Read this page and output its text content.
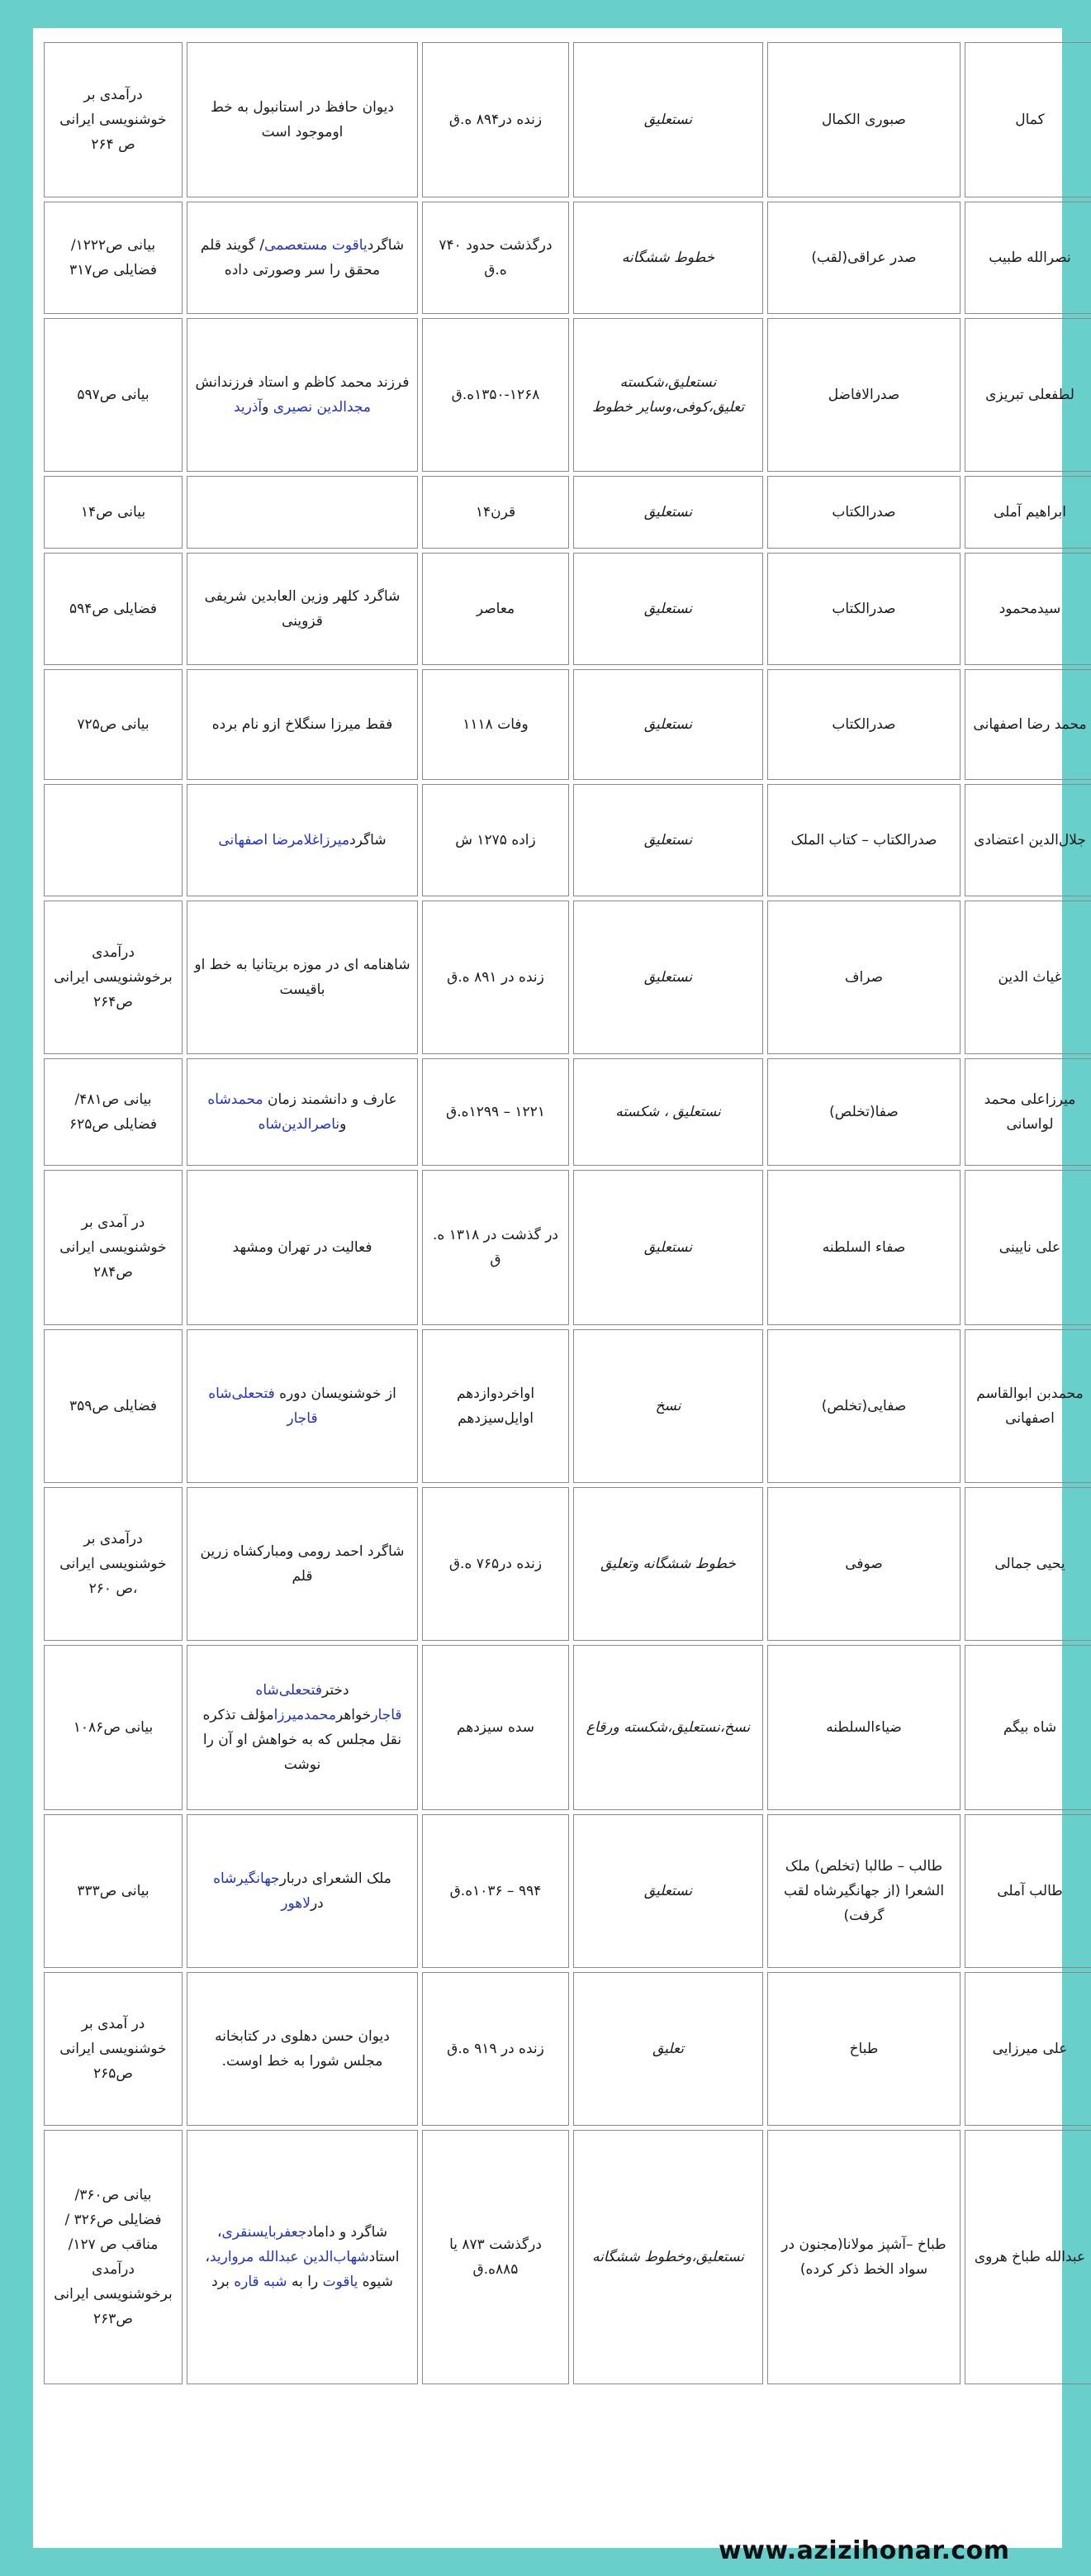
کمال	صبوری الکمال	نستعلیق	زنده در۸۹۴ ه.ق	دیوان حافظ در استانبول به خط اوموجود است	درآمدی بر خوشنویسی ایرانی ص ۲۶۴
نصرالله طبیب	صدر عراقی(لقب)	خطوط ششگانه	درگذشت حدود ۷۴۰ ه.ق	شاگردیاقوت مستعصمی/ گویند قلم محقق را سر وصورتی داده	بیانی ص۱۲۲۲/ فضایلی ص۳۱۷
لطفعلی تبریزی	صدرالافاضل	نستعلیق،شکسته تعلیق،کوفی،وسایر خطوط	۱۳۵۰-۱۲۶۸ه.ق	فرزند محمد کاظم و استاد فرزندانش مجدالدین نصیری وآذرید	بیانی ص۵۹۷
ابراهیم آملی	صدرالکتاب	نستعلیق	قرن۱۴		بیانی ص۱۴
سیدمحمود	صدرالکتاب	نستعلیق	معاصر	شاگرد کلهر وزین العابدین شریفی قزوینی	فضایلی ص۵۹۴
محمد رضا اصفهانی	صدرالکتاب	نستعلیق	وفات ۱۱۱۸	فقط میرزا سنگلاخ ازو نام برده	بیانی ص۷۲۵
جلال‌الدین اعتضادی	صدرالکتاب – کتاب الملک	نستعلیق	زاده ۱۲۷۵ ش	شاگردمیرزاغلامرضا اصفهانی	
غیاث الدین	صراف	نستعلیق	زنده در ۸۹۱ ه.ق	شاهنامه ای در موزه بریتانیا به خط او باقیست	درآمدی برخوشنویسی ایرانی ص۲۶۴
میرزاعلی محمد لواسانی	صفا(تخلص)	نستعلیق ، شکسته	۱۲۲۱ – ۱۲۹۹ه.ق	عارف و دانشمند زمان محمدشاه وناصرالدین‌شاه	بیانی ص۴۸۱/ فضایلی ص۶۲۵
علی نایینی	صفاء السلطنه	نستعلیق	در گذشت در ۱۳۱۸ ه. ق	فعالیت در تهران ومشهد	در آمدی بر خوشنویسی ایرانی ص۲۸۴
محمدبن ابوالقاسم اصفهانی	صفایی(تخلص)	نسخ	اواخردوازدهم اوایل‌سیزدهم	از خوشنویسان دوره فتحعلی‌شاه قاجار	فضایلی ص۳۵۹
یحیی جمالی	صوفی	خطوط ششگانه وتعلیق	زنده در۷۶۵ ه.ق	شاگرد احمد رومی ومبارکشاه زرین قلم	درآمدی بر خوشنویسی ایرانی ،ص ۲۶۰
شاه بیگم	ضیاءالسلطنه	نسخ،نستعلیق،شکسته ورقاع	سده سیزدهم	دخترفتحعلی‌شاه قاجارخواهرمحمدمیرزامؤلف تذکره نقل مجلس که به خواهش او آن را نوشت	بیانی ص۱۰۸۶
طالب آملی	طالب – طالبا (تخلص) ملک الشعرا (از جهانگیرشاه لقب گرفت)	نستعلیق	۹۹۴ – ۱۰۳۶ه.ق	ملک الشعرای دربارجهانگیرشاه درلاهور	بیانی ص۳۳۳
علی میرزایی	طباخ	تعلیق	زنده در ۹۱۹ ه.ق	دیوان حسن دهلوی در کتابخانه مجلس شورا به خط اوست.	در آمدی بر خوشنویسی ایرانی ص۲۶۵
عبدالله طباخ هروی	طباخ –آشپز مولانا(مجنون در سواد الخط ذکر کرده)	نستعلیق،وخطوط ششگانه	درگذشت ۸۷۳ یا ۸۸۵ه.ق	شاگرد و دامادجعفربایسنقری، استادشهاب‌الدین عبدالله مروارید، شیوه یاقوت را به شبه قاره برد	بیانی ص۳۶۰/ فضایلی ص۳۲۶ /مناقب ص ۱۲۷/ درآمدی برخوشنویسی ایرانی ص۲۶۳
www.azizihonar.com
